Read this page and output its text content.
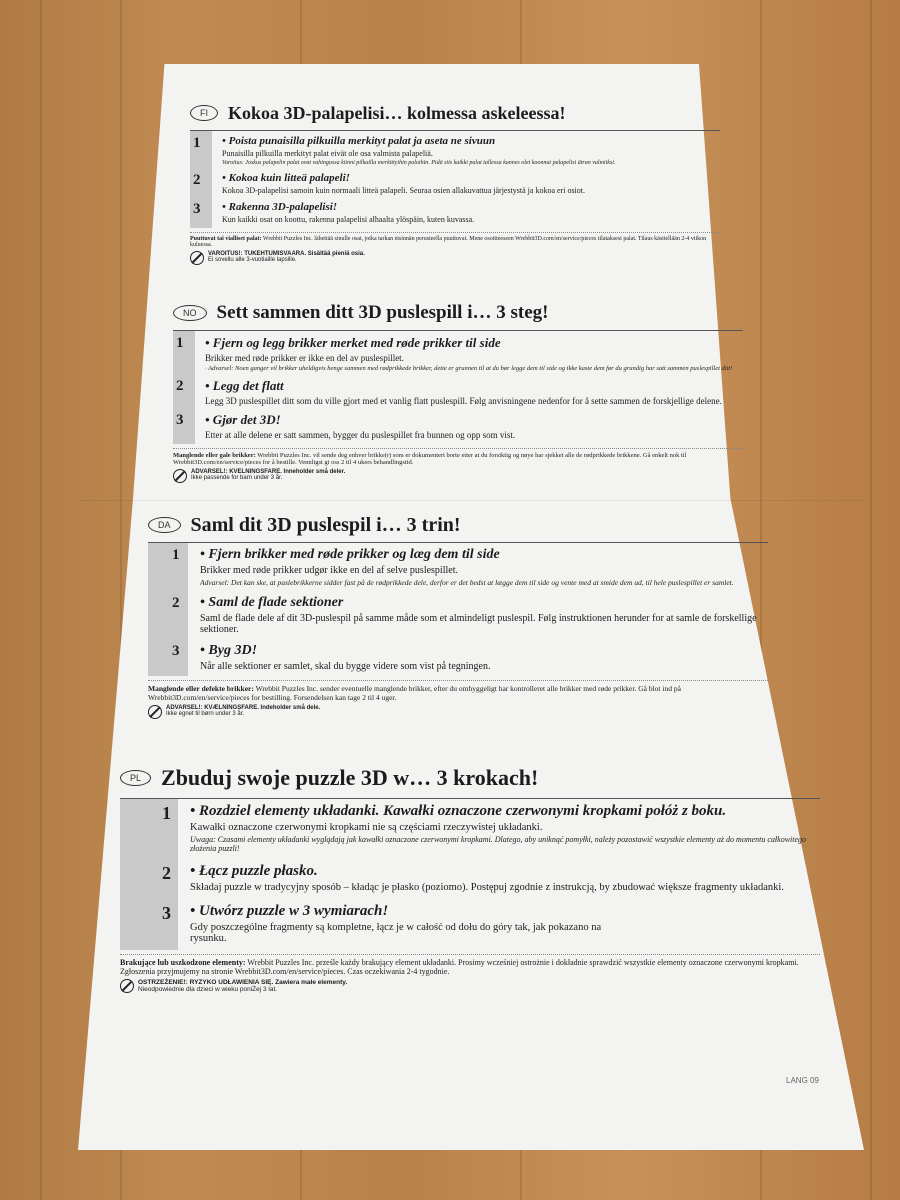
FI	Kokoa 3D-palapelisi… kolmessa askeleessa!
1 • Poista punaisilla pilkuilla merkityt palat ja aseta ne sivuun
Punaisilla pilkuilla merkityt palat eivät ole osa valmista palapeliä.
Varoitus: Joskus palapelin palat ovat vahingossa kiinni pilkuilla merkittyihin paloihin. Pidä siis kaikki palat tallessa kunnes olet koonnut palapelisi ätran valmiiksi.
2 • Kokoa kuin litteä palapeli!
Kokoa 3D-palapelisi samoin kuin normaali litteä palapeli. Seuraa osien allakuvattua järjestystä ja kokoa eri osiot.
3 • Rakenna 3D-palapelisi!
Kun kaikki osat on koottu, rakenna palapelisi alhaalta ylöspäin, kuten kuvassa.
Puuttuvat tai vialliset palat: Wrebbit Puzzles Inc. lähettää sinulle osat, jotka tarkan etsinnän perusteella puuttuvat. Mene osoitteeseen Wrebbit3D.com/en/service/pieces tilataksesi palat. Tilaus käsitellään 2-4 viikon kuluessa.
VAROITUS!: TUKEHTUMISVAARA. Sisältää pieniä osia.
Ei sovellu alle 3-vuotiaille lapsille.
NO	Sett sammen ditt 3D puslespill i… 3 steg!
1 • Fjern og legg brikker merket med røde prikker til side
Brikker med røde prikker er ikke en del av puslespillet.
· Advarsel: Noen ganger vil brikker uheldigvis henge sammen med rødprikkede brikker, dette er grunnen til at du bør legge dem til side og ikke kaste dem før du grundig har satt sammen puslespillet ditt!
2 • Legg det flatt
Legg 3D puslespillet ditt som du ville gjort med et vanlig flatt puslespill. Følg anvisningene nedenfor for å sette sammen de forskjellige delene.
3 • Gjør det 3D!
Etter at alle delene er satt sammen, bygger du puslespillet fra bunnen og opp som vist.
Manglende eller gale brikker: Wrebbit Puzzles Inc. vil sende deg enhver brikke(r) som er dokumentert borte etter at du forsiktig og nøye har sjekket alle de rødprikkede brikkene. Gå enkelt nok til Wrebbit3D.com/en/service/pieces for å bestille. Vennligst gi oss 2 til 4 ukers behandlingstid.
ADVARSEL!: KVELNINGSFARE. Inneholder små deler.
Ikke passende for barn under 3 år.
DA	Saml dit 3D puslespil i… 3 trin!
1 • Fjern brikker med røde prikker og læg dem til side
Brikker med røde prikker udgør ikke en del af selve puslespillet.
Advarsel: Det kan ske, at puslebrikkerne sidder fast på de rødprikkede dele, derfor er det bedst at lægge dem til side og vente med at smide dem ud, til hele puslespillet er samlet.
2 • Saml de flade sektioner
Saml de flade dele af dit 3D-puslespil på samme måde som et almindeligt puslespil. Følg instruktionen herunder for at samle de forskellige sektioner.
3 • Byg 3D!
Når alle sektioner er samlet, skal du bygge videre som vist på tegningen.
Manglende eller defekte brikker: Wrebbit Puzzles Inc. sender eventuelle manglende brikker, efter du omhyggeligt har kontrolleret alle brikker med røde prikker. Gå blot ind på Wrebbit3D.com/en/service/pieces for bestilling. Forsendelsen kan tage 2 til 4 uger.
ADVARSEL!: KVÆLNINGSFARE. Indeholder små dele.
Ikke egnet til børn under 3 år.
PL Zbuduj swoje puzzle 3D w… 3 krokach!
1 • Rozdziel elementy układanki. Kawałki oznaczone czerwonymi kropkami połóż z boku.
Kawałki oznaczone czerwonymi kropkami nie są częściami rzeczywistej układanki.
Uwaga: Czasami elementy układanki wyglądają jak kawałki oznaczone czerwonymi kropkami. Dlatego, aby uniknąć pomyłki, należy pozostawić wszystkie elementy aż do momentu całkowitego złożenia puzzli!
2 • Łącz puzzle płasko.
Składaj puzzle w tradycyjny sposób – kładąc je płasko (poziomo). Postępuj zgodnie z instrukcją, by zbudować większe fragmenty układanki.
3 • Utwórz puzzle w 3 wymiarach!
Gdy poszczególne fragmenty są kompletne, łącz je w całość od dołu do góry tak, jak pokazano na rysunku.
Brakujące lub uszkodzone elementy: Wrebbit Puzzles Inc. prześle każdy brakujący element układanki. Prosimy wcześniej ostrożnie i dokładnie sprawdzić wszystkie elementy oznaczone czerwonymi kropkami. Zgłoszenia przyjmujemy na stronie Wrebbit3D.com/en/service/pieces. Czas oczekiwania 2-4 tygodnie.
OSTRZEŻENIE!: RYZYKO UDŁAWIENIA SIĘ. Zawiera małe elementy.
Nieodpowiednie dla dzieci w wieku poniŻej 3 lat.
LANG 09
